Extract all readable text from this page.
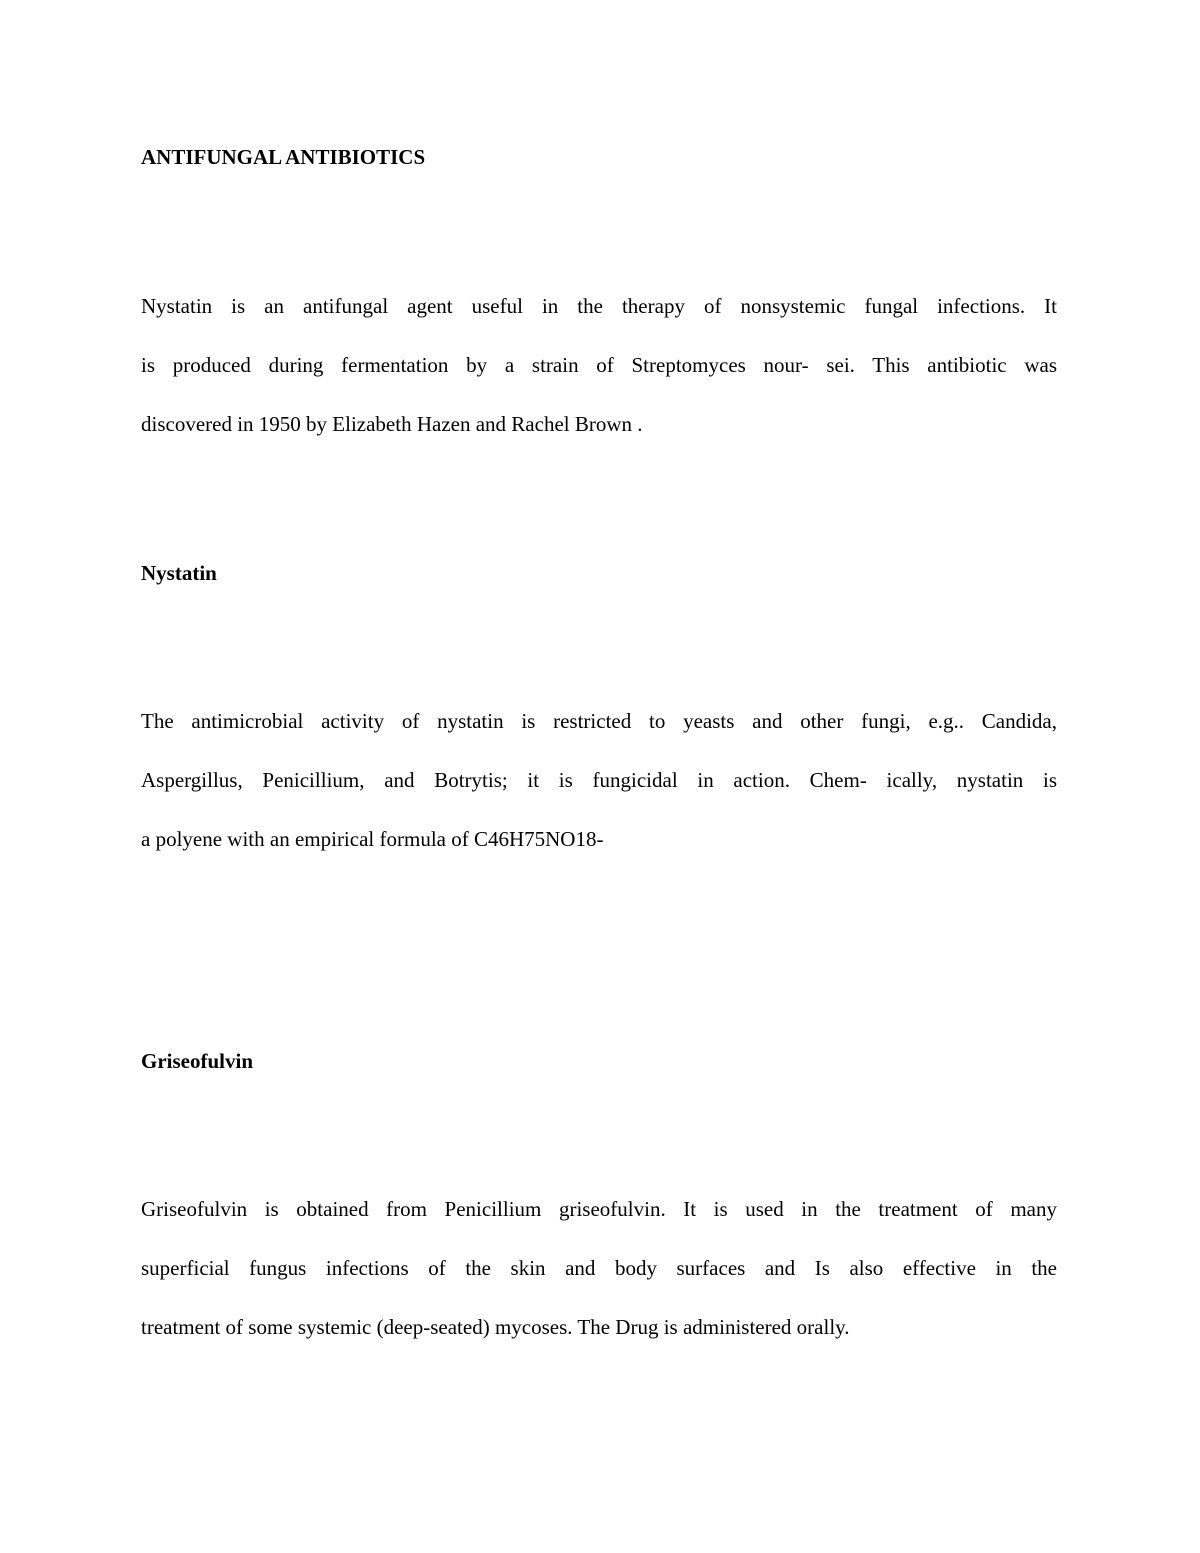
ANTIFUNGAL ANTIBIOTICS
Nystatin is an antifungal agent useful in the therapy of nonsystemic fungal infections. It
is produced during fermentation by a strain of Streptomyces nour- sei. This antibiotic was
discovered in 1950 by Elizabeth Hazen and Rachel Brown .
Nystatin
The antimicrobial activity of nystatin is restricted to yeasts and other fungi, e.g.. Candida,
Aspergillus, Penicillium, and Botrytis; it is fungicidal in action. Chem- ically, nystatin is
a polyene with an empirical formula of C46H75NO18-
Griseofulvin
Griseofulvin is obtained from Penicillium griseofulvin. It is used in the treatment of many
superficial fungus infections of the skin and body surfaces and Is also effective in the
treatment of some systemic (deep-seated) mycoses. The Drug is administered orally.
